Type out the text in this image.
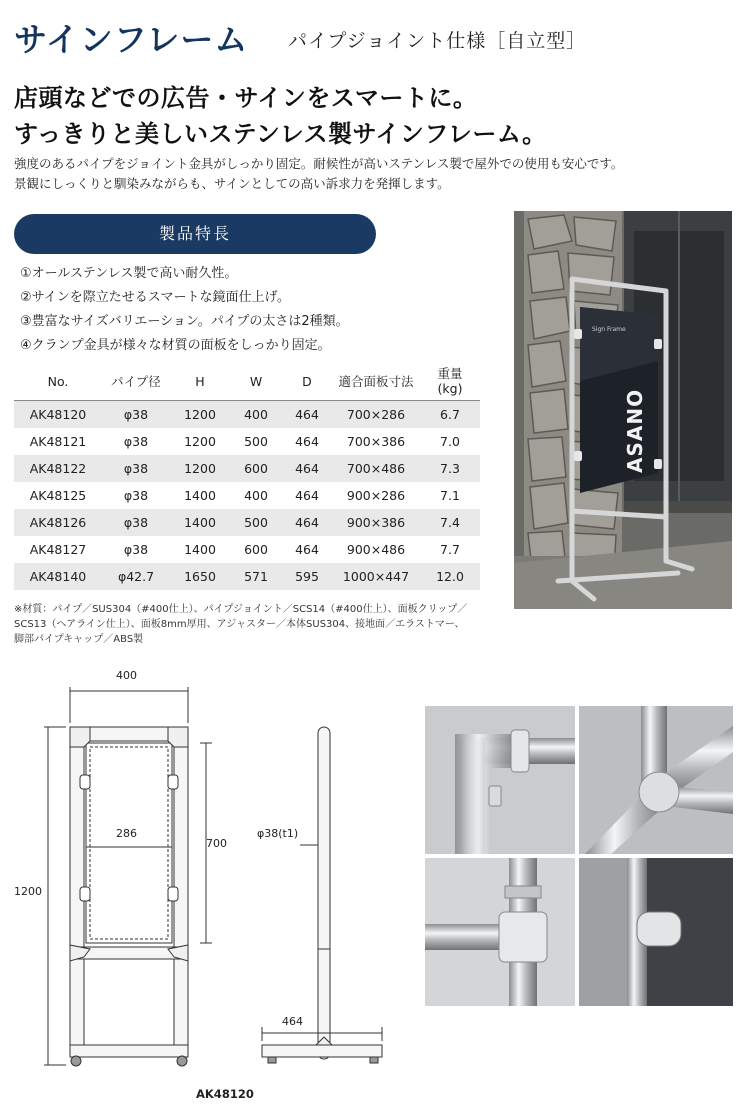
サインフレーム パイプジョイント仕様［自立型］
店頭などでの広告・サインをスマートに。
すっきりと美しいステンレス製サインフレーム。
強度のあるパイプをジョイント金具がしっかり固定。耐候性が高いステンレス製で屋外での使用も安心です。
景観にしっくりと馴染みながらも、サインとしての高い訴求力を発揮します。
製品特長
①オールステンレス製で高い耐久性。
②サインを際立たせるスマートな鏡面仕上げ。
③豊富なサイズバリエーション。パイプの太さは2種類。
④クランプ金具が様々な材質の面板をしっかり固定。
No.	パイプ径	H	W	D	適合面板寸法	重量
(kg)
AK48120	φ38	1200	400	464	700×286	6.7
AK48121	φ38	1200	500	464	700×386	7.0
AK48122	φ38	1200	600	464	700×486	7.3
AK48125	φ38	1400	400	464	900×286	7.1
AK48126	φ38	1400	500	464	900×386	7.4
AK48127	φ38	1400	600	464	900×486	7.7
AK48140	φ42.7	1650	571	595	1000×447	12.0
※材質：パイプ／SUS304（#400仕上）、パイプジョイント／SCS14（#400仕上）、面板クリップ／
SCS13（ヘアライン仕上）、面板8mm厚用、アジャスター／本体SUS304、接地面／エラストマー、
脚部パイプキャップ／ABS製
Sign Frame
ASANO
400
286
700
1200
φ38(t1)
464
AK48120
